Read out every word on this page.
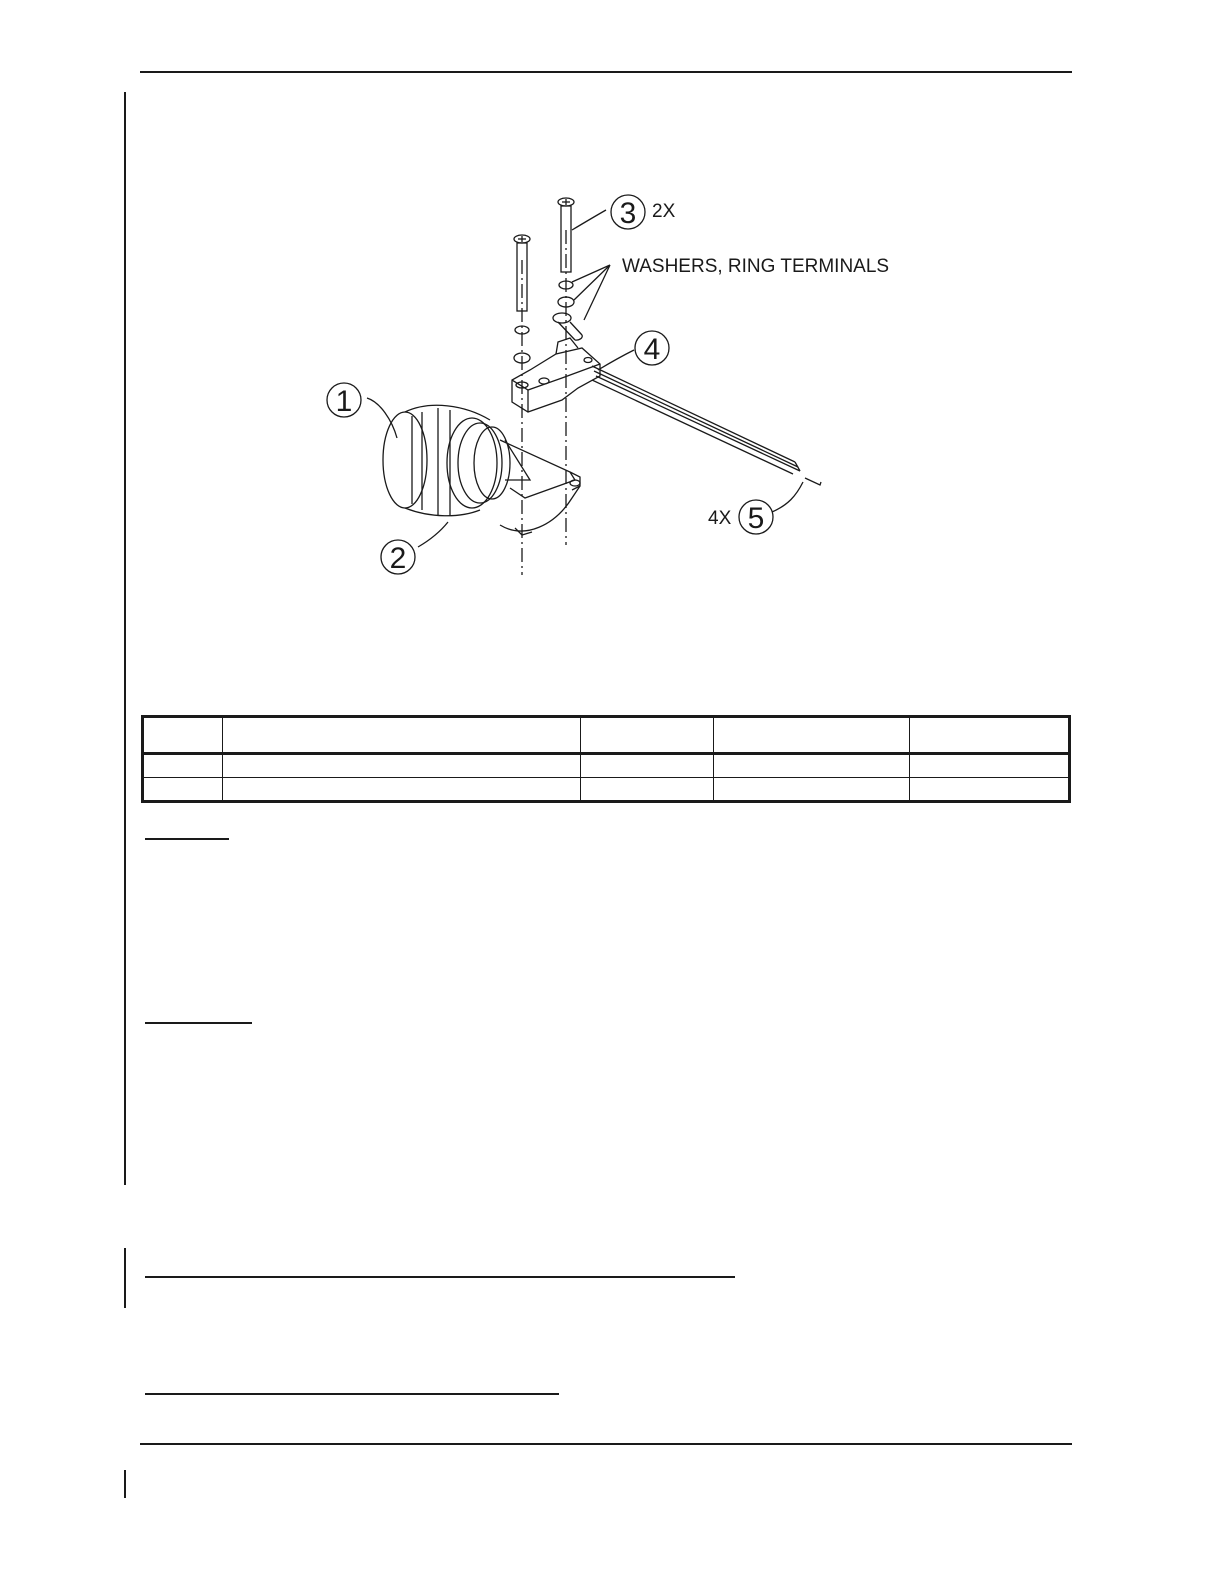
1
2
3
4
5
2X
WASHERS, RING TERMINALS
4X
